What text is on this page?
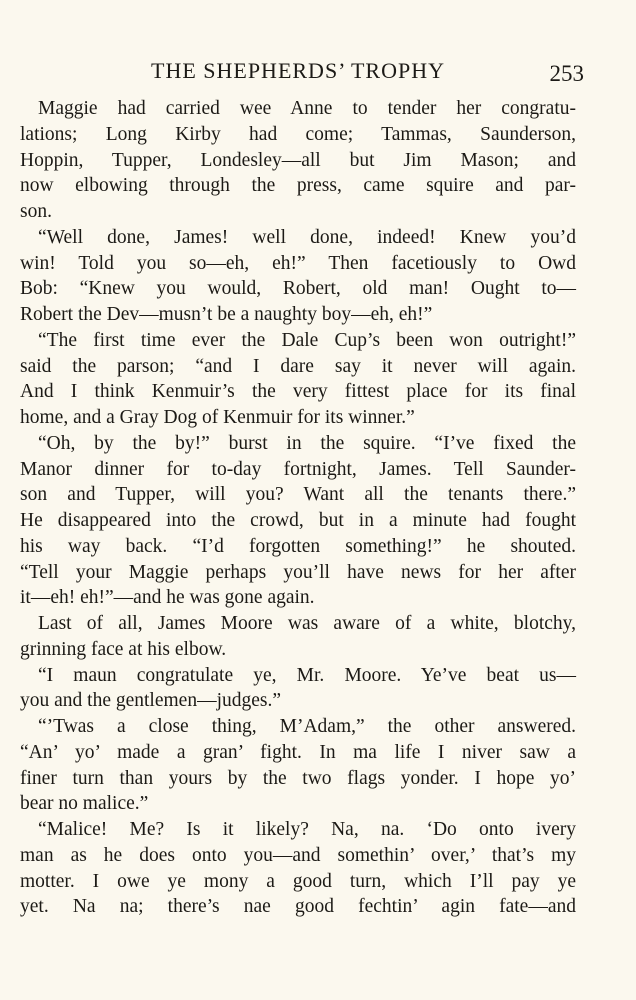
THE SHEPHERDS’ TROPHY	253
Maggie had carried wee Anne to tender her congratu-
lations; Long Kirby had come; Tammas, Saunderson,
Hoppin, Tupper, Londesley—all but Jim Mason; and
now elbowing through the press, came squire and par-
son.
“Well done, James! well done, indeed! Knew you’d
win! Told you so—eh, eh!” Then facetiously to Owd
Bob: “Knew you would, Robert, old man! Ought to—
Robert the Dev—musn’t be a naughty boy—eh, eh!”
“The first time ever the Dale Cup’s been won outright!”
said the parson; “and I dare say it never will again.
And I think Kenmuir’s the very fittest place for its final
home, and a Gray Dog of Kenmuir for its winner.”
“Oh, by the by!” burst in the squire. “I’ve fixed the
Manor dinner for to-day fortnight, James. Tell Saunder-
son and Tupper, will you? Want all the tenants there.”
He disappeared into the crowd, but in a minute had fought
his way back. “I’d forgotten something!” he shouted.
“Tell your Maggie perhaps you’ll have news for her after
it—eh! eh!”—and he was gone again.
Last of all, James Moore was aware of a white, blotchy,
grinning face at his elbow.
“I maun congratulate ye, Mr. Moore. Ye’ve beat us—
you and the gentlemen—judges.”
“’Twas a close thing, M’Adam,” the other answered.
“An’ yo’ made a gran’ fight. In ma life I niver saw a
finer turn than yours by the two flags yonder. I hope yo’
bear no malice.”
“Malice! Me? Is it likely? Na, na. ‘Do onto ivery
man as he does onto you—and somethin’ over,’ that’s my
motter. I owe ye mony a good turn, which I’ll pay ye
yet. Na na; there’s nae good fechtin’ agin fate—and
